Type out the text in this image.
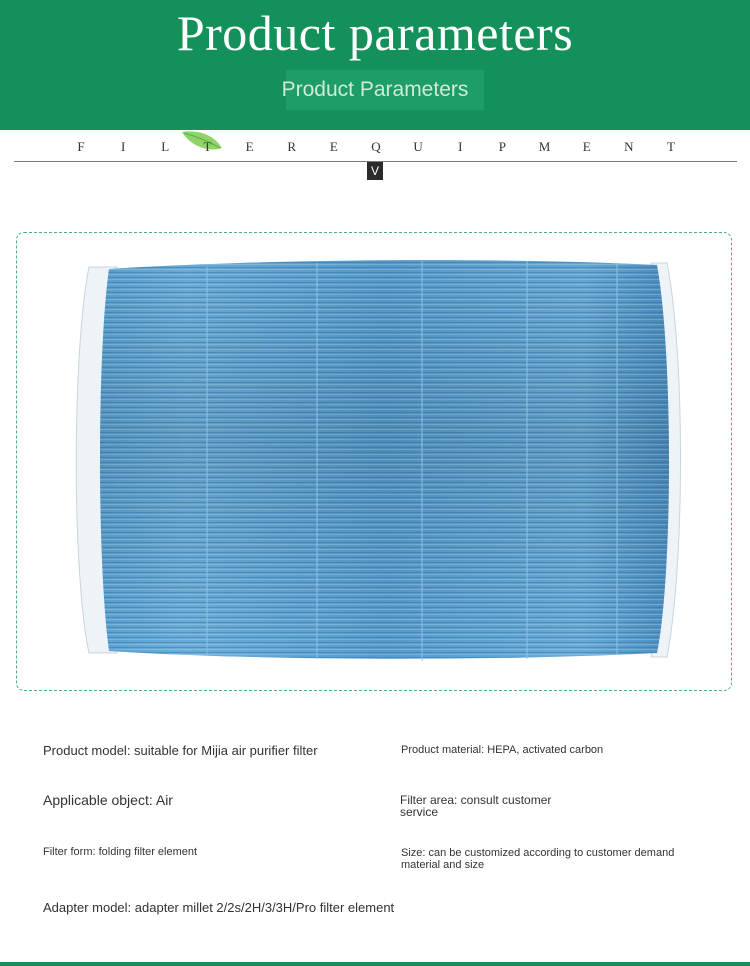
Product parameters
Product Parameters
F	I	L	T	E	R	E	Q	U	I	P	M	E	N	T
V
Product model: suitable for Mijia air purifier filter	Product material: HEPA, activated carbon
Applicable object: Air	Filter area: consult customer
service
Filter form: folding filter element	Size: can be customized according to customer demand
material and size
Adapter model: adapter millet 2/2s/2H/3/3H/Pro filter element
